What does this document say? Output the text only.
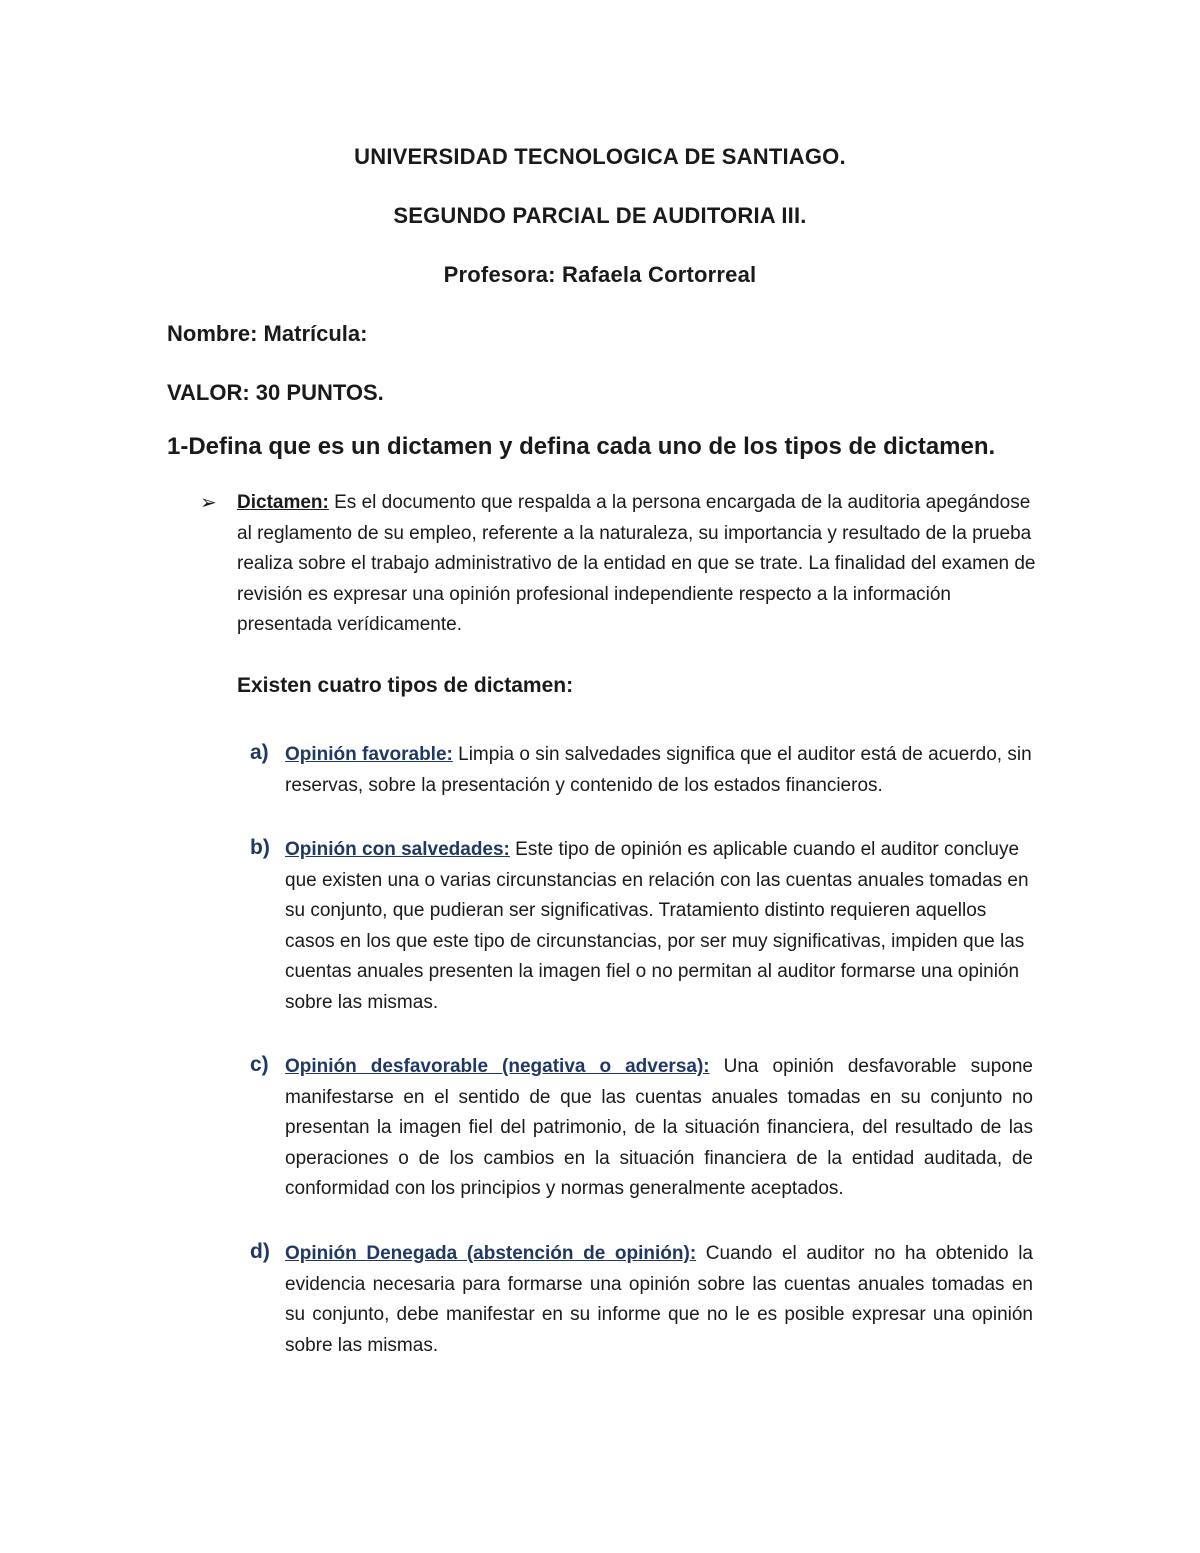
UNIVERSIDAD TECNOLOGICA DE SANTIAGO.
SEGUNDO PARCIAL DE AUDITORIA III.
Profesora: Rafaela Cortorreal
Nombre: Matrícula:
VALOR: 30 PUNTOS.
1-Defina que es un dictamen y defina cada uno de los tipos de dictamen.
➢ Dictamen: Es el documento que respalda a la persona encargada de la auditoria apegándose al reglamento de su empleo, referente a la naturaleza, su importancia y resultado de la prueba realiza sobre el trabajo administrativo de la entidad en que se trate. La finalidad del examen de revisión es expresar una opinión profesional independiente respecto a la información presentada verídicamente.

Existen cuatro tipos de dictamen:
a) Opinión favorable: Limpia o sin salvedades significa que el auditor está de acuerdo, sin reservas, sobre la presentación y contenido de los estados financieros.

b) Opinión con salvedades: Este tipo de opinión es aplicable cuando el auditor concluye que existen una o varias circunstancias en relación con las cuentas anuales tomadas en su conjunto, que pudieran ser significativas. Tratamiento distinto requieren aquellos casos en los que este tipo de circunstancias, por ser muy significativas, impiden que las cuentas anuales presenten la imagen fiel o no permitan al auditor formarse una opinión sobre las mismas.

c) Opinión desfavorable (negativa o adversa): Una opinión desfavorable supone manifestarse en el sentido de que las cuentas anuales tomadas en su conjunto no presentan la imagen fiel del patrimonio, de la situación financiera, del resultado de las operaciones o de los cambios en la situación financiera de la entidad auditada, de conformidad con los principios y normas generalmente aceptados.

d) Opinión Denegada (abstención de opinión): Cuando el auditor no ha obtenido la evidencia necesaria para formarse una opinión sobre las cuentas anuales tomadas en su conjunto, debe manifestar en su informe que no le es posible expresar una opinión sobre las mismas.
